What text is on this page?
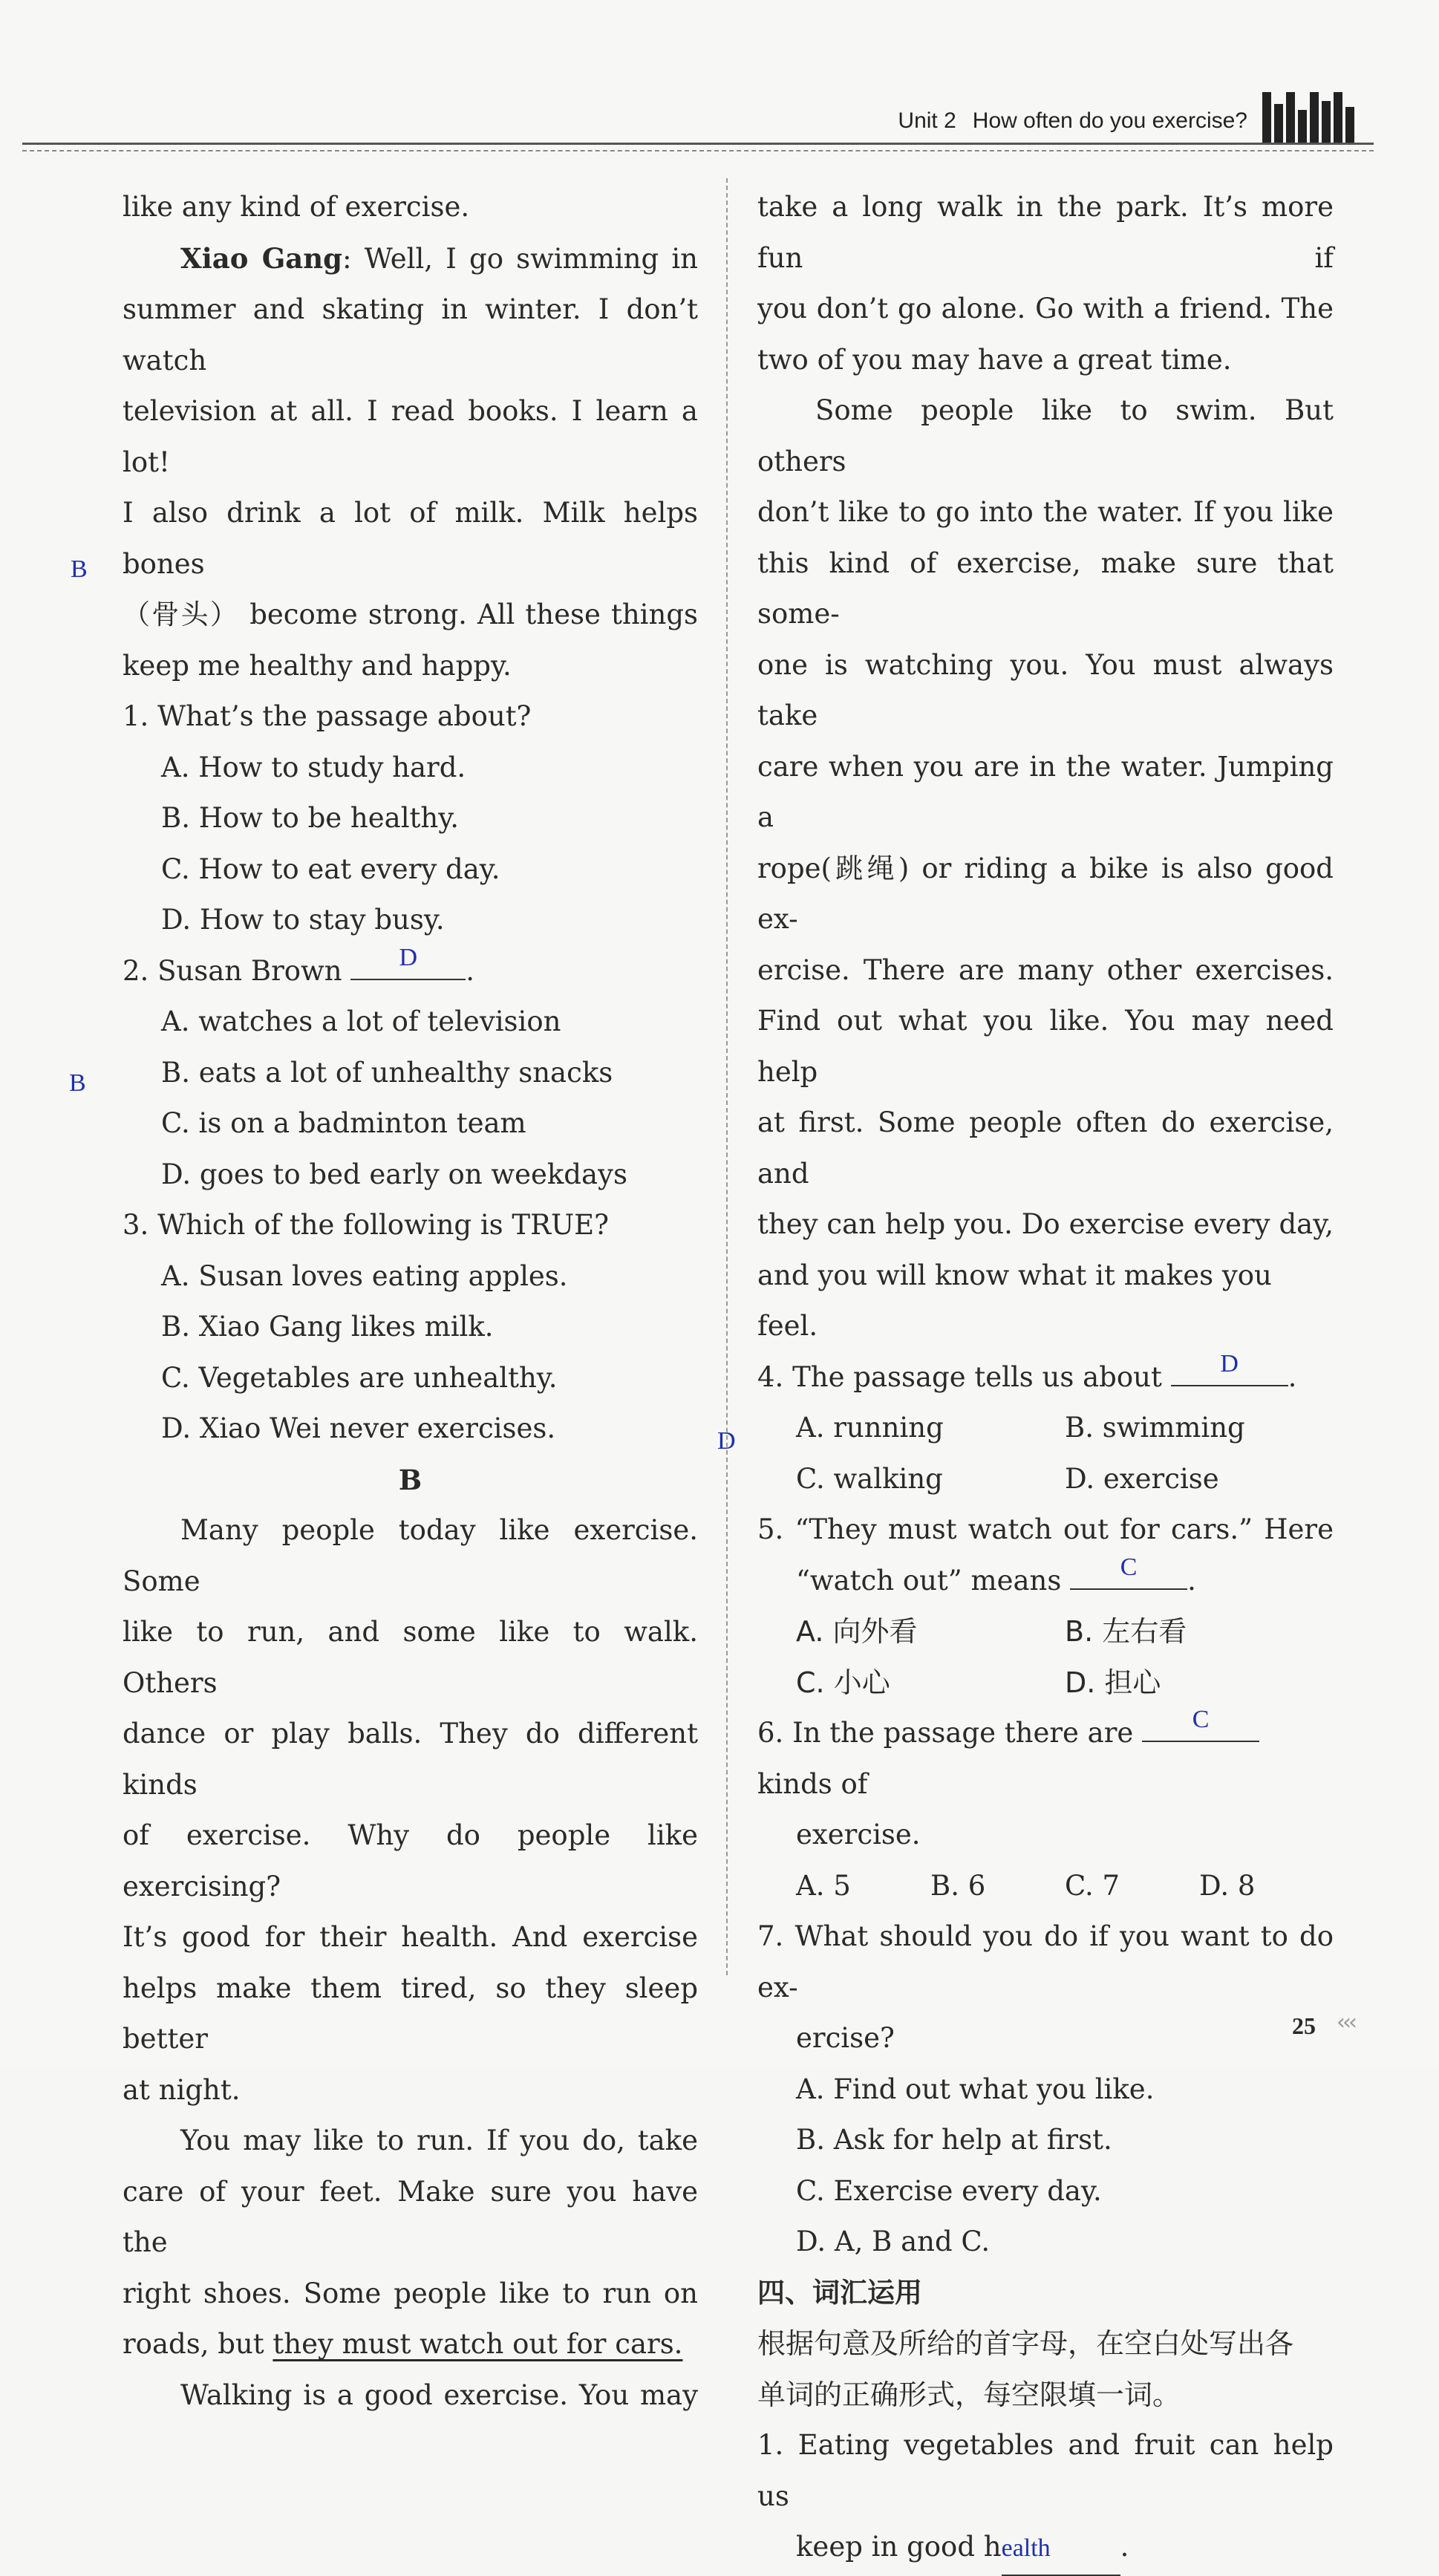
Unit 2 How often do you exercise?

like any kind of exercise.

Xiao Gang: Well, I go swimming in

summer and skating in winter. I don’t watch

television at all. I read books. I learn a lot!

I also drink a lot of milk. Milk helps bones

（骨头） become strong. All these things

keep me healthy and happy.

1. What’s the passage about?

A. How to study hard.

B. How to be healthy.

C. How to eat every day.

D. How to stay busy.

2. Susan Brown	D	.

A. watches a lot of television

B. eats a lot of unhealthy snacks

C. is on a badminton team

D. goes to bed early on weekdays

3. Which of the following is TRUE?

A. Susan loves eating apples.

B. Xiao Gang likes milk.

C. Vegetables are unhealthy.

D. Xiao Wei never exercises.

B

Many people today like exercise. Some

like to run, and some like to walk. Others

dance or play balls. They do different kinds

of exercise. Why do people like exercising?

It’s good for their health. And exercise

helps make them tired, so they sleep better

at night.

You may like to run. If you do, take

care of your feet. Make sure you have the

right shoes. Some people like to run on

roads, but they must watch out for cars.

Walking is a good exercise. You may

B
B

take a long walk in the park. It’s more fun if

you don’t go alone. Go with a friend. The

two of you may have a great time.

Some people like to swim. But others

don’t like to go into the water. If you like

this kind of exercise, make sure that some-

one is watching you. You must always take

care when you are in the water. Jumping a

rope(跳绳) or riding a bike is also good ex-

ercise. There are many other exercises.

Find out what you like. You may need help

at first. Some people often do exercise, and

they can help you. Do exercise every day,

and you will know what it makes you feel.

4. The passage tells us about	D	.

A. running	B. swimming

C. walking	D. exercise

5. “They must watch out for cars.” Here

“watch out” means	C	.

A. 向外看	B. 左右看

C. 小心	D. 担心

6. In the passage there are	C
kinds of

exercise.

A. 5	B. 6	C. 7	D. 8

7. What should you do if you want to do ex-

ercise?

A. Find out what you like.

B. Ask for help at first.

C. Exercise every day.

D. A, B and C.

四、词汇运用

根据句意及所给的首字母，在空白处写出各

单词的正确形式，每空限填一词。

1. Eating vegetables and fruit can help us

keep in good health	.

D
25 ‹‹‹
